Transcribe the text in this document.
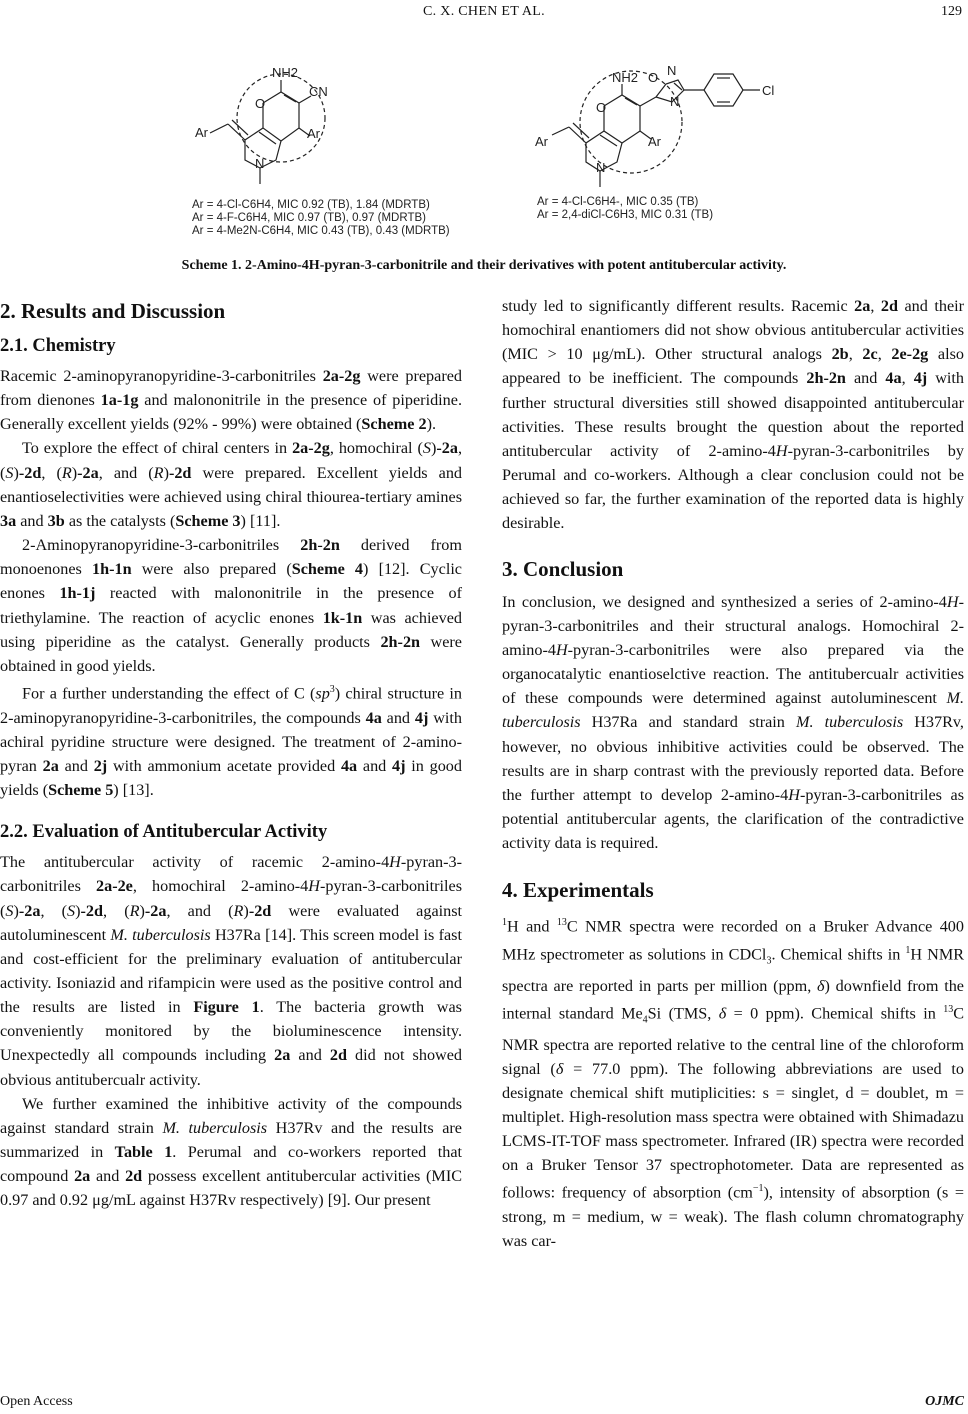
C. X. CHEN ET AL.	129
NH2
CN
O
N
Ar	Ar
Ar = 4-Cl-C6H4, MIC 0.92 (TB), 1.84 (MDRTB)
Ar = 4-F-C6H4, MIC 0.97 (TB), 0.97 (MDRTB)
Ar = 4-Me2N-C6H4, MIC 0.43 (TB), 0.43 (MDRTB)
NH2 O N
N
Cl
O
N
Ar	Ar
Ar = 4-Cl-C6H4-, MIC 0.35 (TB)
Ar = 2,4-diCl-C6H3, MIC 0.31 (TB)
Scheme 1. 2-Amino-4H-pyran-3-carbonitrile and their derivatives with potent antitubercular activity.
2. Results and Discussion
2.1. Chemistry

Racemic 2-aminopyranopyridine-3-carbonitriles 2a-2g were prepared from dienones 1a-1g and malononitrile in the presence of piperidine. Generally excellent yields (92% - 99%) were obtained (Scheme 2).

To explore the effect of chiral centers in 2a-2g, homochiral (S)-2a, (S)-2d, (R)-2a, and (R)-2d were prepared. Excellent yields and enantioselectivities were achieved using chiral thiourea-tertiary amines 3a and 3b as the catalysts (Scheme 3) [11].

2-Aminopyranopyridine-3-carbonitriles 2h-2n derived from monoenones 1h-1n were also prepared (Scheme 4) [12]. Cyclic enones 1h-1j reacted with malononitrile in the presence of triethylamine. The reaction of acyclic enones 1k-1n was achieved using piperidine as the catalyst. Generally products 2h-2n were obtained in good yields.

For a further understanding the effect of C $(sp^3)$ chiral structure in 2-aminopyranopyridine-3-carbonitriles, the compounds 4a and 4j with achiral pyridine structure were designed. The treatment of 2-amino-pyran 2a and 2j with ammonium acetate provided 4a and 4j in good yields (Scheme 5) [13].

2.2. Evaluation of Antitubercular Activity

The antitubercular activity of racemic 2-amino-4H-pyran-3-carbonitriles 2a-2e, homochiral 2-amino-4H-pyran-3-carbonitriles (S)-2a, (S)-2d, (R)-2a, and (R)-2d were evaluated against autoluminescent M. tuberculosis H37Ra [14]. This screen model is fast and cost-efficient for the preliminary evaluation of antitubercular activity. Isoniazid and rifampicin were used as the positive control and the results are listed in Figure 1. The bacteria growth was conveniently monitored by the bioluminescence intensity. Unexpectedly all compounds including 2a and 2d did not showed obvious antitubercualr activity.

We further examined the inhibitive activity of the compounds against standard strain M. tuberculosis H37Rv and the results are summarized in Table 1. Perumal and co-workers reported that compound 2a and 2d possess excellent antitubercular activities (MIC 0.97 and 0.92 μg/mL against H37Rv respectively) [9]. Our present

study led to significantly different results. Racemic 2a, 2d and their homochiral enantiomers did not show obvious antitubercular activities (MIC > 10 μg/mL). Other structural analogs 2b, 2c, 2e-2g also appeared to be inefficient. The compounds 2h-2n and 4a, 4j with further structural diversities still showed disappointed antitubercular activities. These results brought the question about the reported antitubercular activity of 2-amino-4H-pyran-3-carbonitriles by Perumal and co-workers. Although a clear conclusion could not be achieved so far, the further examination of the reported data is highly desirable.

3. Conclusion

In conclusion, we designed and synthesized a series of 2-amino-4H-pyran-3-carbonitriles and their structural analogs. Homochiral 2-amino-4H-pyran-3-carbonitriles were also prepared via the organocatalytic enantioselctive reaction. The antitubercualr activities of these compounds were determined against autoluminescent M. tuberculosis H37Ra and standard strain M. tuberculosis H37Rv, however, no obvious inhibitive activities could be observed. The results are in sharp contrast with the previously reported data. Before the further attempt to develop 2-amino-4H-pyran-3-carbonitriles as potential antitubercular agents, the clarification of the contradictive activity data is required.

4. Experimentals

$^1$H and $^{13}$C NMR spectra were recorded on a Bruker Advance 400 MHz spectrometer as solutions in CDCl$_3$. Chemical shifts in $^1$H NMR spectra are reported in parts per million (ppm, δ) downfield from the internal standard $Me_4Si$ (TMS, δ = 0 ppm). Chemical shifts in $^{13}$C NMR spectra are reported relative to the central line of the chloroform signal (δ = 77.0 ppm). The following abbreviations are used to designate chemical shift mutiplicities: s = singlet, d = doublet, m = multiplet. High-resolution mass spectra were obtained with Shimadazu LCMS-IT-TOF mass spectrometer. Infrared (IR) spectra were recorded on a Bruker Tensor 37 spectrophotometer. Data are represented as follows: frequency of absorption $(cm^{-1})$, intensity of absorption (s = strong, m = medium, w = weak). The flash column chromatography was car-

Open Access	OJMC
